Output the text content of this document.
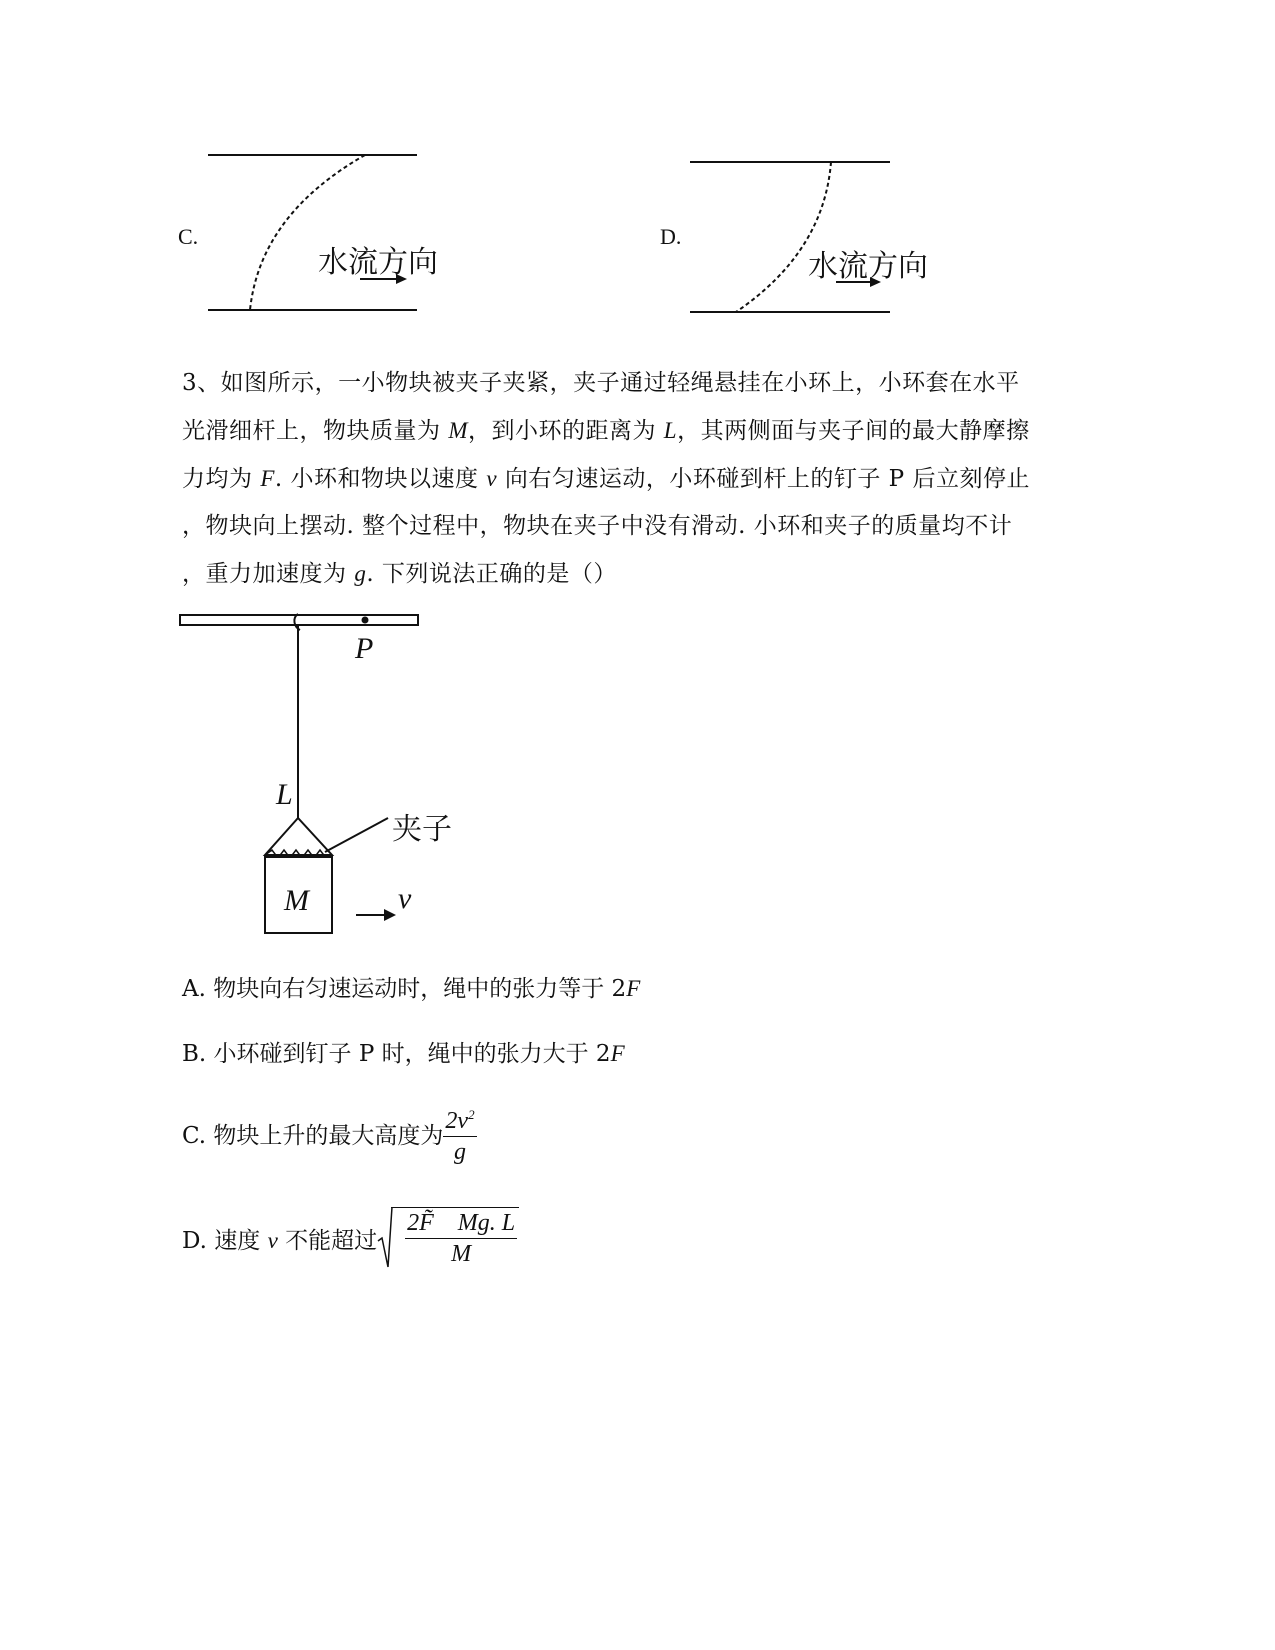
C.
水流方向
D.
水流方向

3、如图所示，一小物块被夹子夹紧，夹子通过轻绳悬挂在小环上，小环套在水平

光滑细杆上，物块质量为 M，到小环的距离为 L，其两侧面与夹子间的最大静摩擦

力均为 F. 小环和物块以速度 v 向右匀速运动，小环碰到杆上的钉子 P 后立刻停止

，物块向上摆动. 整个过程中，物块在夹子中没有滑动. 小环和夹子的质量均不计

，重力加速度为 g. 下列说法正确的是（）

P
L
夹子
M	v
A. 物块向右匀速运动时，绳中的张力等于 2F
B. 小环碰到钉子 P 时，绳中的张力大于 2F
C. 物块上升的最大高度为 $\frac{2v^2}{g}$
D. 速度 v 不能超过 $\frac{2F̃ Mg. L}{M}$
